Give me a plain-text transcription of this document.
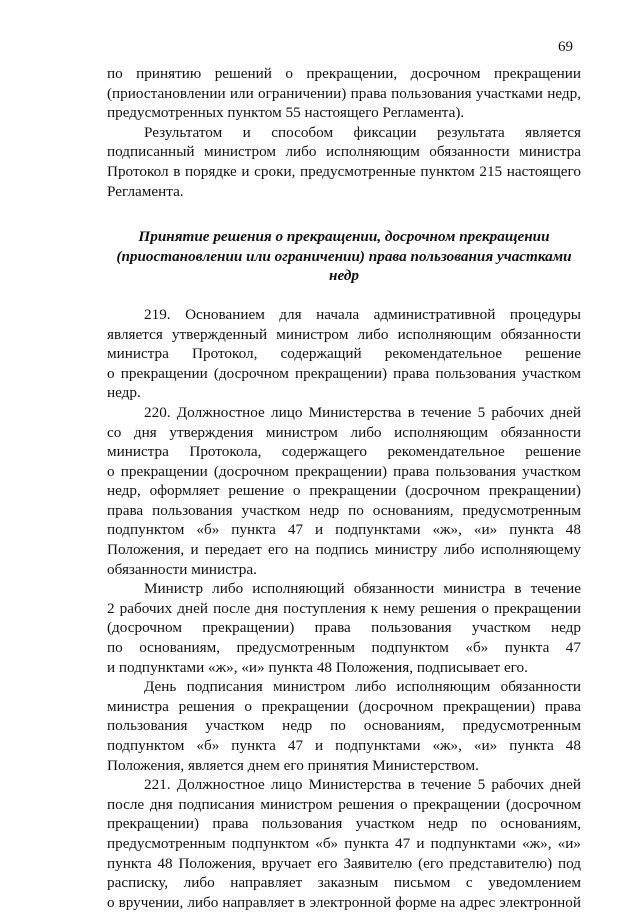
69

по принятию решений о прекращении, досрочном прекращении
(приостановлении или ограничении) права пользования участками недр,
предусмотренных пунктом 55 настоящего Регламента).

Результатом и способом фиксации результата является
подписанный министром либо исполняющим обязанности министра
Протокол в порядке и сроки, предусмотренные пунктом 215 настоящего
Регламента.

Принятие решения о прекращении, досрочном прекращении
(приостановлении или ограничении) права пользования участками
недр

219. Основанием для начала административной процедуры
является утвержденный министром либо исполняющим обязанности
министра Протокол, содержащий рекомендательное решение
о прекращении (досрочном прекращении) права пользования участком
недр.

220. Должностное лицо Министерства в течение 5 рабочих дней
со дня утверждения министром либо исполняющим обязанности
министра Протокола, содержащего рекомендательное решение
о прекращении (досрочном прекращении) права пользования участком
недр, оформляет решение о прекращении (досрочном прекращении)
права пользования участком недр по основаниям, предусмотренным
подпунктом «б» пункта 47 и подпунктами «ж», «и» пункта 48
Положения, и передает его на подпись министру либо исполняющему
обязанности министра.

Министр либо исполняющий обязанности министра в течение
2 рабочих дней после дня поступления к нему решения о прекращении
(досрочном прекращении) права пользования участком недр
по основаниям, предусмотренным подпунктом «б» пункта 47
и подпунктами «ж», «и» пункта 48 Положения, подписывает его.

День подписания министром либо исполняющим обязанности
министра решения о прекращении (досрочном прекращении) права
пользования участком недр по основаниям, предусмотренным
подпунктом «б» пункта 47 и подпунктами «ж», «и» пункта 48
Положения, является днем его принятия Министерством.

221. Должностное лицо Министерства в течение 5 рабочих дней
после дня подписания министром решения о прекращении (досрочном
прекращении) права пользования участком недр по основаниям,
предусмотренным подпунктом «б» пункта 47 и подпунктами «ж», «и»
пункта 48 Положения, вручает его Заявителю (его представителю) под
расписку, либо направляет заказным письмом с уведомлением
о вручении, либо направляет в электронной форме на адрес электронной
